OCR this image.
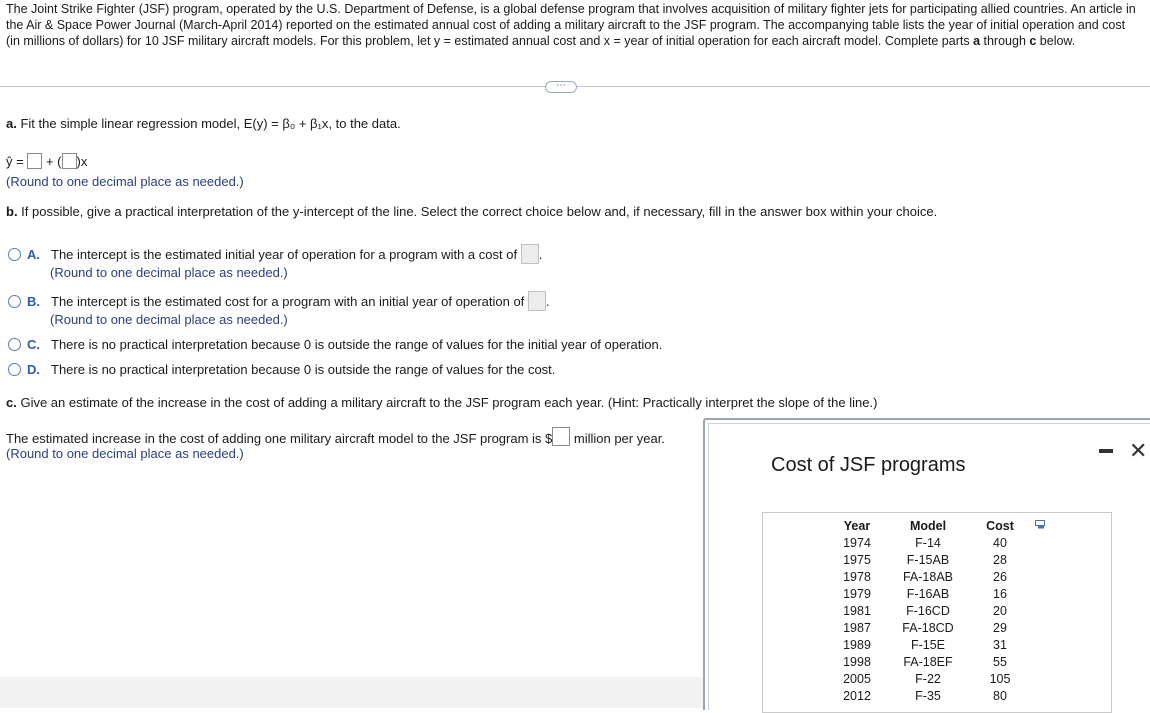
The Joint Strike Fighter (JSF) program, operated by the U.S. Department of Defense, is a global defense program that involves acquisition of military fighter jets for participating allied countries. An article in the Air & Space Power Journal (March-April 2014) reported on the estimated annual cost of adding a military aircraft to the JSF program. The accompanying table lists the year of initial operation and cost (in millions of dollars) for 10 JSF military aircraft models. For this problem, let y = estimated annual cost and x = year of initial operation for each aircraft model. Complete parts a through c below.
⋯
a. Fit the simple linear regression model, E(y) = β₀ + β₁x, to the data.
ŷ =  + ( )x
(Round to one decimal place as needed.)
b. If possible, give a practical interpretation of the y-intercept of the line. Select the correct choice below and, if necessary, fill in the answer box within your choice.
A. The intercept is the estimated initial year of operation for a program with a cost of .
(Round to one decimal place as needed.)
B. The intercept is the estimated cost for a program with an initial year of operation of .
(Round to one decimal place as needed.)
C. There is no practical interpretation because 0 is outside the range of values for the initial year of operation.
D. There is no practical interpretation because 0 is outside the range of values for the cost.
c. Give an estimate of the increase in the cost of adding a military aircraft to the JSF program each year. (Hint: Practically interpret the slope of the line.)
The estimated increase in the cost of adding one military aircraft model to the JSF program is $ million per year.
(Round to one decimal place as needed.)
Cost of JSF programs
✕
Year
1974
1975
1978
1979
1981
1987
1989
1998
2005
2012
Model
F-14
F-15AB
FA-18AB
F-16AB
F-16CD
FA-18CD
F-15E
FA-18EF
F-22
F-35
Cost
40
28
26
16
20
29
31
55
105
80
